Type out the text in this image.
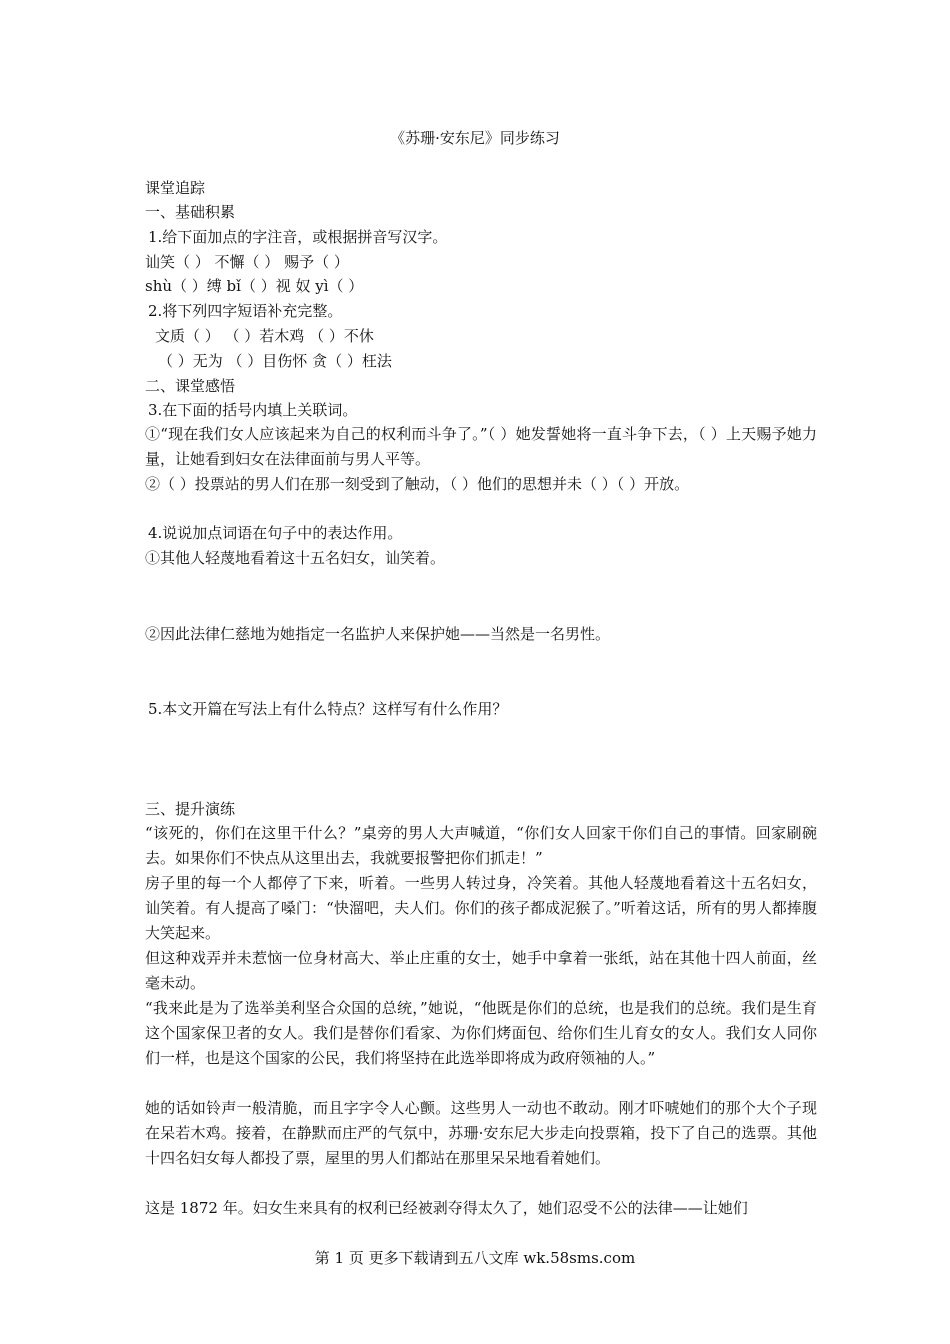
《苏珊·安东尼》同步练习
课堂追踪
一、基础积累
1.给下面加点的字注音，或根据拼音写汉字。
讪笑（ ） 不懈（ ） 赐予（ ）
shù（ ）缚 bǐ（ ）视 奴 yì（ ）
2.将下列四字短语补充完整。
文质（ ） （ ）若木鸡 （ ）不休
（ ）无为 （ ）目伤怀 贪（ ）枉法
二、课堂感悟
3.在下面的括号内填上关联词。
①“现在我们女人应该起来为自己的权利而斗争了。”（ ）她发誓她将一直斗争下去，（ ）上天赐予她力量，让她看到妇女在法律面前与男人平等。
②（ ）投票站的男人们在那一刻受到了触动，（ ）他们的思想并未（ ）（ ）开放。
4.说说加点词语在句子中的表达作用。
①其他人轻蔑地看着这十五名妇女，讪笑着。
②因此法律仁慈地为她指定一名监护人来保护她——当然是一名男性。
5.本文开篇在写法上有什么特点？这样写有什么作用？
三、提升演练
“该死的，你们在这里干什么？”桌旁的男人大声喊道，“你们女人回家干你们自己的事情。回家刷碗去。如果你们不快点从这里出去，我就要报警把你们抓走！”
房子里的每一个人都停了下来，听着。一些男人转过身，冷笑着。其他人轻蔑地看着这十五名妇女，讪笑着。有人提高了嗓门：“快溜吧，夫人们。你们的孩子都成泥猴了。”听着这话，所有的男人都捧腹大笑起来。
但这种戏弄并未惹恼一位身材高大、举止庄重的女士，她手中拿着一张纸，站在其他十四人前面，丝毫未动。
“我来此是为了选举美利坚合众国的总统，”她说，“他既是你们的总统，也是我们的总统。我们是生育这个国家保卫者的女人。我们是替你们看家、为你们烤面包、给你们生儿育女的女人。我们女人同你们一样，也是这个国家的公民，我们将坚持在此选举即将成为政府领袖的人。”
她的话如铃声一般清脆，而且字字令人心颤。这些男人一动也不敢动。刚才吓唬她们的那个大个子现在呆若木鸡。接着，在静默而庄严的气氛中，苏珊·安东尼大步走向投票箱，投下了自己的选票。其他十四名妇女每人都投了票，屋里的男人们都站在那里呆呆地看着她们。
这是 1872 年。妇女生来具有的权利已经被剥夺得太久了，她们忍受不公的法律——让她们
第 1 页 更多下载请到五八文库 wk.58sms.com
